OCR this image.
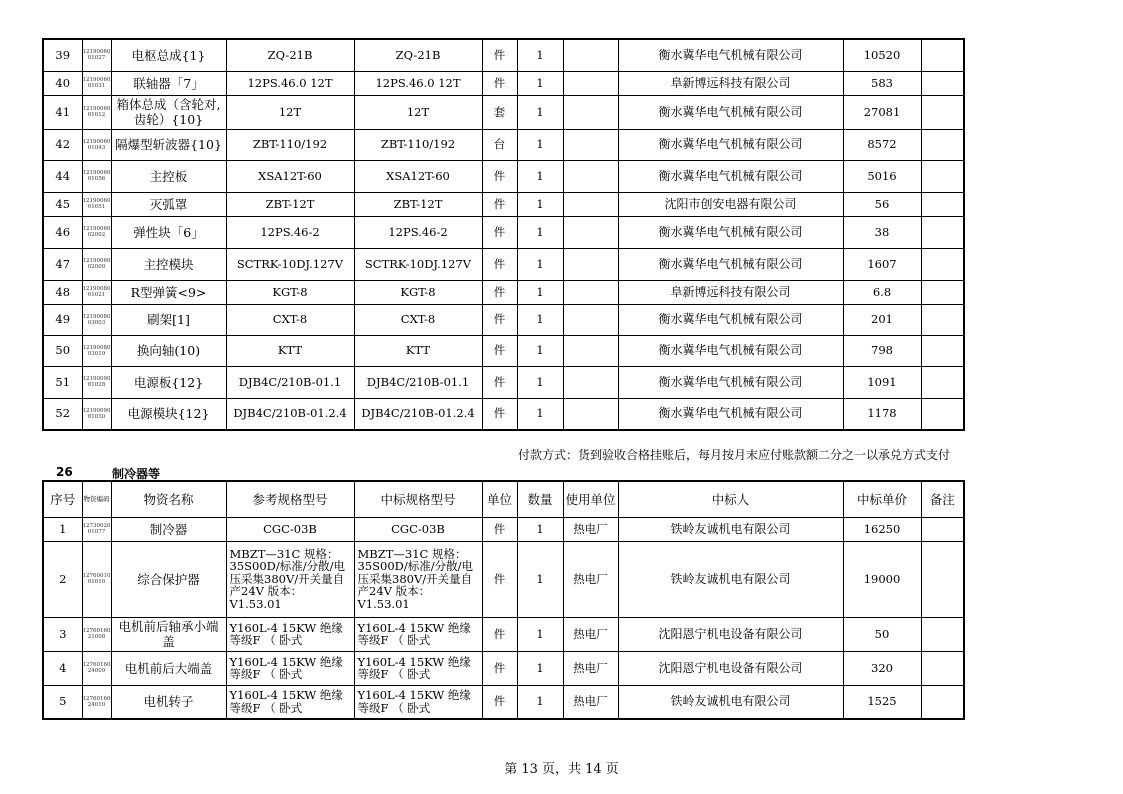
39	1219006001027	电枢总成{1}	ZQ-21B	ZQ-21B	件	1		衡水冀华电气机械有限公司	10520	
40	1219006001031	联轴器「7」	12PS.46.0 12T	12PS.46.0 12T	件	1		阜新博远科技有限公司	583	
41	1219006001012	箱体总成（含轮对,齿轮）{10}	12T	12T	套	1		衡水冀华电气机械有限公司	27081	
42	1219006001043	隔爆型斩波器{10}	ZBT-110/192	ZBT-110/192	台	1		衡水冀华电气机械有限公司	8572	
44	1219006001056	主控板	XSA12T-60	XSA12T-60	件	1		衡水冀华电气机械有限公司	5016	
45	1219006001051	灭弧罩	ZBT-12T	ZBT-12T	件	1		沈阳市创安电器有限公司	56	
46	1219006002002	弹性块「6」	12PS.46-2	12PS.46-2	件	1		衡水冀华电气机械有限公司	38	
47	1219006002009	主控模块	SCTRK-10DJ.127V	SCTRK-10DJ.127V	件	1		衡水冀华电气机械有限公司	1607	
48	1219008001021	R型弹簧<9>	KGT-8	KGT-8	件	1		阜新博远科技有限公司	6.8	
49	1219008003003	刷架[1]	CXT-8	CXT-8	件	1		衡水冀华电气机械有限公司	201	
50	1219008003019	换向轴(10)	KTT	KTT	件	1		衡水冀华电气机械有限公司	798	
51	1219009001028	电源板{12}	DJB4C/210B-01.1	DJB4C/210B-01.1	件	1		衡水冀华电气机械有限公司	1091	
52	1219009001030	电源模块{12}	DJB4C/210B-01.2.4	DJB4C/210B-01.2.4	件	1		衡水冀华电气机械有限公司	1178	
26	制冷器等
付款方式：货到验收合格挂账后，每月按月末应付账款额二分之一以承兑方式支付
序号	物资编码	物资名称	参考规格型号	中标规格型号	单位	数量	使用单位	中标人	中标单价	备注
1	1273002001077	制冷器	CGC-03B	CGC-03B	件	1	热电厂	铁岭友诚机电有限公司	16250	
2	1276001001010	综合保护器	MBZT—31C 规格：35S00D/标准/分散/电压采集380V/开关量自产24V 版本：V1.53.01	MBZT—31C 规格：35S00D/标准/分散/电压采集380V/开关量自产24V 版本：V1.53.01	件	1	热电厂	铁岭友诚机电有限公司	19000	
3	1276016021008	电机前后轴承小端盖	Y160L-4 15KW 绝缘等级F （ 卧式	Y160L-4 15KW 绝缘等级F （ 卧式	件	1	热电厂	沈阳恩宁机电设备有限公司	50	
4	1276016024009	电机前后大端盖	Y160L-4 15KW 绝缘等级F （ 卧式	Y160L-4 15KW 绝缘等级F （ 卧式	件	1	热电厂	沈阳恩宁机电设备有限公司	320	
5	1276016024010	电机转子	Y160L-4 15KW 绝缘等级F （ 卧式	Y160L-4 15KW 绝缘等级F （ 卧式	件	1	热电厂	铁岭友诚机电有限公司	1525	
第 13 页，共 14 页
